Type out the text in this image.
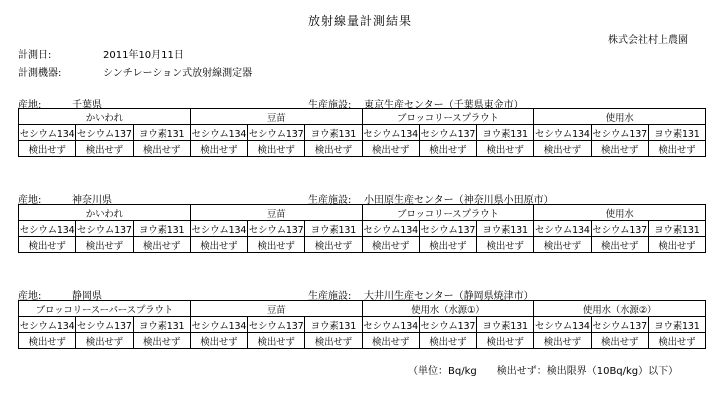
放射線量計測結果
株式会社村上農園
計測日:	2011年10月11日
計測機器:	シンチレーション式放射線測定器
産地:	千葉県	生産施設: 東京生産センター（千葉県東金市）
かいわれ			豆苗			ブロッコリースプラウト			使用水		
セシウム134	セシウム137	ヨウ素131	セシウム134	セシウム137	ヨウ素131	セシウム134	セシウム137	ヨウ素131	セシウム134	セシウム137	ヨウ素131
検出せず	検出せず	検出せず	検出せず	検出せず	検出せず	検出せず	検出せず	検出せず	検出せず	検出せず	検出せず
産地:	神奈川県	生産施設: 小田原生産センター（神奈川県小田原市）
かいわれ			豆苗			ブロッコリースプラウト			使用水		
セシウム134	セシウム137	ヨウ素131	セシウム134	セシウム137	ヨウ素131	セシウム134	セシウム137	ヨウ素131	セシウム134	セシウム137	ヨウ素131
検出せず	検出せず	検出せず	検出せず	検出せず	検出せず	検出せず	検出せず	検出せず	検出せず	検出せず	検出せず
産地:	静岡県	生産施設: 大井川生産センター（静岡県焼津市）
ブロッコリースーパースプラウト			豆苗			使用水（水源①）			使用水（水源②）		
セシウム134	セシウム137	ヨウ素131	セシウム134	セシウム137	ヨウ素131	セシウム134	セシウム137	ヨウ素131	セシウム134	セシウム137	ヨウ素131
検出せず	検出せず	検出せず	検出せず	検出せず	検出せず	検出せず	検出せず	検出せず	検出せず	検出せず	検出せず
（単位：Bq/kg　　検出せず：検出限界（10Bq/kg）以下）
